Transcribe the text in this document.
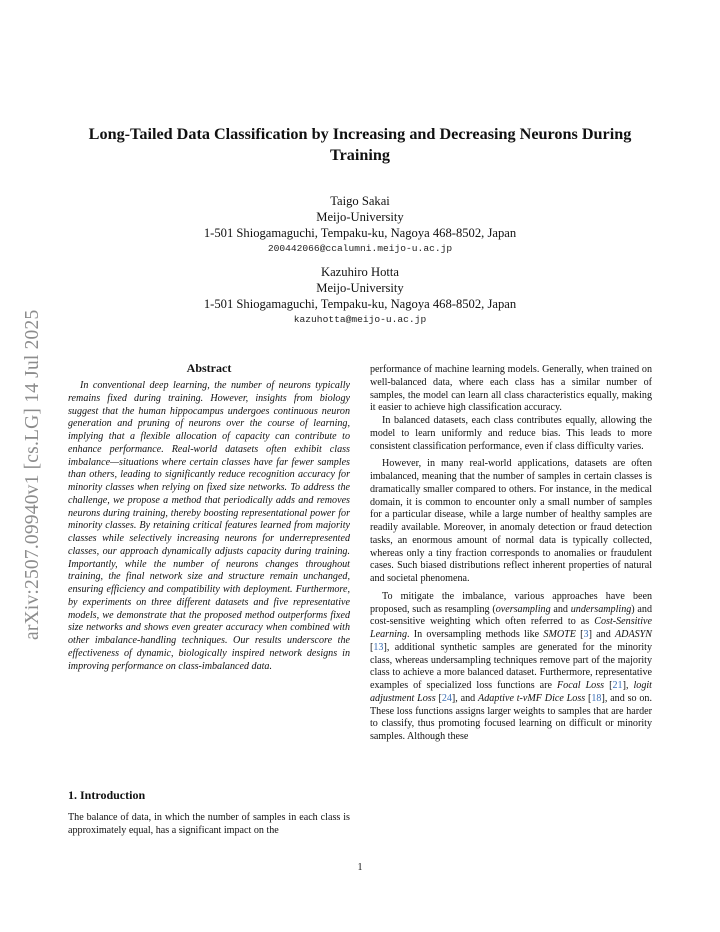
arXiv:2507.09940v1 [cs.LG] 14 Jul 2025
Long-Tailed Data Classification by Increasing and Decreasing Neurons During Training
Taigo Sakai
Meijo-University
1-501 Shiogamaguchi, Tempaku-ku, Nagoya 468-8502, Japan
200442066@ccalumni.meijo-u.ac.jp
Kazuhiro Hotta
Meijo-University
1-501 Shiogamaguchi, Tempaku-ku, Nagoya 468-8502, Japan
kazuhotta@meijo-u.ac.jp
Abstract
In conventional deep learning, the number of neurons typically remains fixed during training. However, insights from biology suggest that the human hippocampus undergoes continuous neuron generation and pruning of neurons over the course of learning, implying that a flexible allocation of capacity can contribute to enhance performance. Real-world datasets often exhibit class imbalance—situations where certain classes have far fewer samples than others, leading to significantly reduce recognition accuracy for minority classes when relying on fixed size networks. To address the challenge, we propose a method that periodically adds and removes neurons during training, thereby boosting representational power for minority classes. By retaining critical features learned from majority classes while selectively increasing neurons for underrepresented classes, our approach dynamically adjusts capacity during training. Importantly, while the number of neurons changes throughout training, the final network size and structure remain unchanged, ensuring efficiency and compatibility with deployment. Furthermore, by experiments on three different datasets and five representative models, we demonstrate that the proposed method outperforms fixed size networks and shows even greater accuracy when combined with other imbalance-handling techniques. Our results underscore the effectiveness of dynamic, biologically inspired network designs in improving performance on class-imbalanced data.
1. Introduction
The balance of data, in which the number of samples in each class is approximately equal, has a significant impact on the

performance of machine learning models. Generally, when trained on well-balanced data, where each class has a similar number of samples, the model can learn all class characteristics equally, making it easier to achieve high classification accuracy.

In balanced datasets, each class contributes equally, allowing the model to learn uniformly and reduce bias. This leads to more consistent classification performance, even if class difficulty varies.

However, in many real-world applications, datasets are often imbalanced, meaning that the number of samples in certain classes is dramatically smaller compared to others. For instance, in the medical domain, it is common to encounter only a small number of samples for a particular disease, while a large number of healthy samples are readily available. Moreover, in anomaly detection or fraud detection tasks, an enormous amount of normal data is typically collected, whereas only a tiny fraction corresponds to anomalies or fraudulent cases. Such biased distributions reflect inherent properties of natural and societal phenomena.

To mitigate the imbalance, various approaches have been proposed, such as resampling (oversampling and undersampling) and cost-sensitive weighting which often referred to as Cost-Sensitive Learning. In oversampling methods like SMOTE [3] and ADASYN [13], additional synthetic samples are generated for the minority class, whereas undersampling techniques remove part of the majority class to achieve a more balanced dataset. Furthermore, representative examples of specialized loss functions are Focal Loss [21], logit adjustment Loss [24], and Adaptive t-vMF Dice Loss [18], and so on. These loss functions assigns larger weights to samples that are harder to classify, thus promoting focused learning on difficult or minority samples. Although these

1
